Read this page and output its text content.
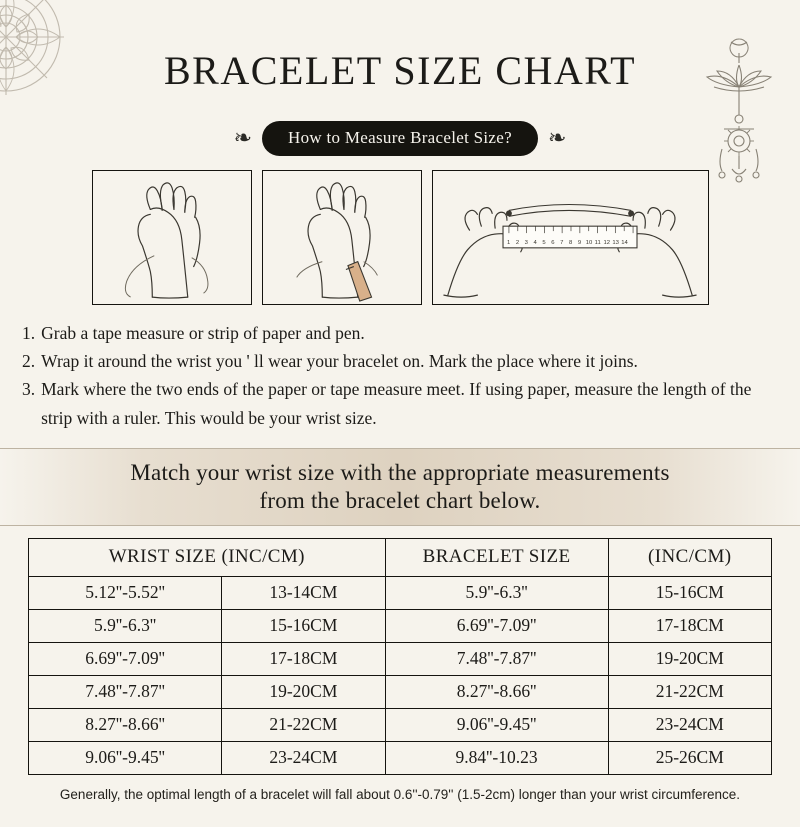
BRACELET SIZE CHART
❧	How to Measure Bracelet Size?	❧
1 2 3 4 5 6 7 8 9 10 11 12 13 14
1. Grab a tape measure or strip of paper and pen.
2. Wrap it around the wrist you ' ll wear your bracelet on. Mark the place where it joins.
3. Mark where the two ends of the paper or tape measure meet. If using paper, measure the length of the strip with a ruler. This would be your wrist size.
Match your wrist size with the appropriate measurements
from the bracelet chart below.
WRIST SIZE (INC/CM)		BRACELET SIZE	(INC/CM)
5.12''-5.52''	13-14CM	5.9''-6.3''	15-16CM
5.9''-6.3''	15-16CM	6.69''-7.09''	17-18CM
6.69''-7.09''	17-18CM	7.48''-7.87''	19-20CM
7.48''-7.87''	19-20CM	8.27''-8.66''	21-22CM
8.27''-8.66''	21-22CM	9.06''-9.45''	23-24CM
9.06''-9.45''	23-24CM	9.84''-10.23	25-26CM
Generally, the optimal length of a bracelet will fall about 0.6''-0.79'' (1.5-2cm) longer than your wrist circumference.
